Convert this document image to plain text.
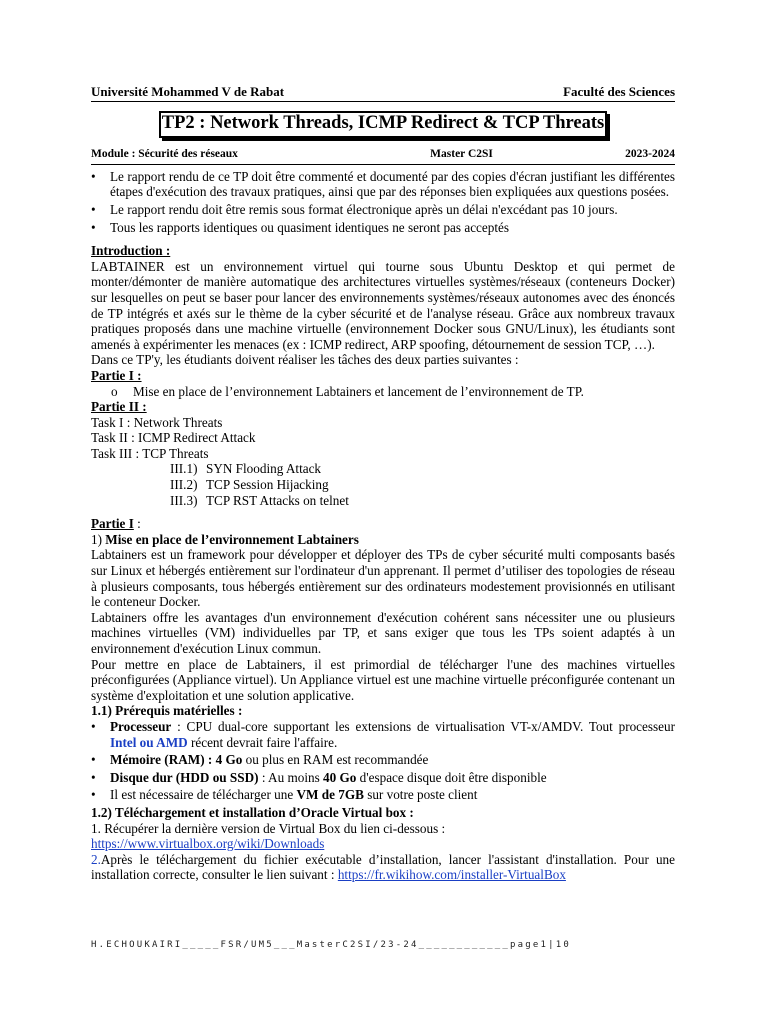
Université Mohammed V de Rabat	Faculté des Sciences
TP2 : Network Threads, ICMP Redirect & TCP Threats
Module : Sécurité des réseaux	Master C2SI	2023-2024
• Le rapport rendu de ce TP doit être commenté et documenté par des copies d'écran justifiant les différentes étapes d'exécution des travaux pratiques, ainsi que par des réponses bien expliquées aux questions posées.
• Le rapport rendu doit être remis sous format électronique après un délai n'excédant pas 10 jours.
• Tous les rapports identiques ou quasiment identiques ne seront pas acceptés
Introduction :

LABTAINER est un environnement virtuel qui tourne sous Ubuntu Desktop et qui permet de monter/démonter de manière automatique des architectures virtuelles systèmes/réseaux (conteneurs Docker) sur lesquelles on peut se baser pour lancer des environnements systèmes/réseaux autonomes avec des énoncés de TP intégrés et axés sur le thème de la cyber sécurité et de l'analyse réseau. Grâce aux nombreux travaux pratiques proposés dans une machine virtuelle (environnement Docker sous GNU/Linux), les étudiants sont amenés à expérimenter les menaces (ex : ICMP redirect, ARP spoofing, détournement de session TCP, …).

Dans ce TP'y, les étudiants doivent réaliser les tâches des deux parties suivantes :

Partie I :
o Mise en place de l’environnement Labtainers et lancement de l’environnement de TP.
Partie II :
Task I : Network Threats
Task II : ICMP Redirect Attack
Task III : TCP Threats
III.1) SYN Flooding Attack
III.2) TCP Session Hijacking
III.3) TCP RST Attacks on telnet
Partie I :
1) Mise en place de l’environnement Labtainers

Labtainers est un framework pour développer et déployer des TPs de cyber sécurité multi composants basés sur Linux et hébergés entièrement sur l'ordinateur d'un apprenant. Il permet d’utiliser des topologies de réseau à plusieurs composants, tous hébergés entièrement sur des ordinateurs modestement provisionnés en utilisant le conteneur Docker.

Labtainers offre les avantages d'un environnement d'exécution cohérent sans nécessiter une ou plusieurs machines virtuelles (VM) individuelles par TP, et sans exiger que tous les TPs soient adaptés à un environnement d'exécution Linux commun.

Pour mettre en place de Labtainers, il est primordial de télécharger l'une des machines virtuelles préconfigurées (Appliance virtuel). Un Appliance virtuel est une machine virtuelle préconfigurée contenant un système d'exploitation et une solution applicative.

1.1) Prérequis matérielles :
• Processeur : CPU dual-core supportant les extensions de virtualisation VT-x/AMDV. Tout processeur Intel ou AMD récent devrait faire l'affaire.
• Mémoire (RAM) : 4 Go ou plus en RAM est recommandée
• Disque dur (HDD ou SSD) : Au moins 40 Go d'espace disque doit être disponible
• Il est nécessaire de télécharger une VM de 7GB sur votre poste client
1.2) Téléchargement et installation d’Oracle Virtual box :
1. Récupérer la dernière version de Virtual Box du lien ci-dessous :
https://www.virtualbox.org/wiki/Downloads

2.Après le téléchargement du fichier exécutable d’installation, lancer l'assistant d'installation. Pour une installation correcte, consulter le lien suivant : https://fr.wikihow.com/installer-VirtualBox

H.ECHOUKAIRI_____FSR/UM5___MasterC2SI/23-24____________page1|10
